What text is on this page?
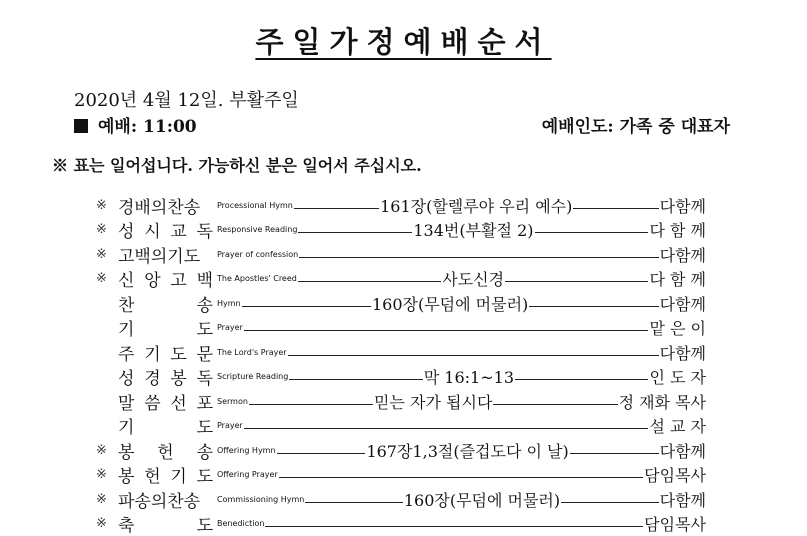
주일가정예배순서
2020년 4월 12일. 부활주일
예배: 11:00	예배인도: 가족 중 대표자
※ 표는 일어섭니다. 가능하신 분은 일어서 주십시오.
※ 경배의찬송	Processional Hymn	161장(할렐루야 우리 예수)	다함께
※ 성 시 교 독 Responsive Reading	134번(부활절 2)	다 함 께
※ 고백의기도	Prayer of confession	다함께
※ 신 앙 고 백 The Apostles' Creed	사도신경	다 함 께
찬	송 Hymn	160장(무덤에 머물러)	다함께
기	도 Prayer	맡 은 이
주 기 도 문 The Lord's Prayer	다함께
성 경 봉 독 Scripture Reading	막 16:1~13	인 도 자
말 씀 선 포 Sermon	믿는 자가 됩시다	정 재화 목사
기	도 Prayer	설 교 자
※ 봉 헌 송 Offering Hymn	167장1,3절(즐겁도다 이 날)	다함께
※ 봉 헌 기 도 Offering Prayer	담임목사
※ 파송의찬송	Commissioning Hymn	160장(무덤에 머물러)	다함께
※ 축	도 Benediction	담임목사
